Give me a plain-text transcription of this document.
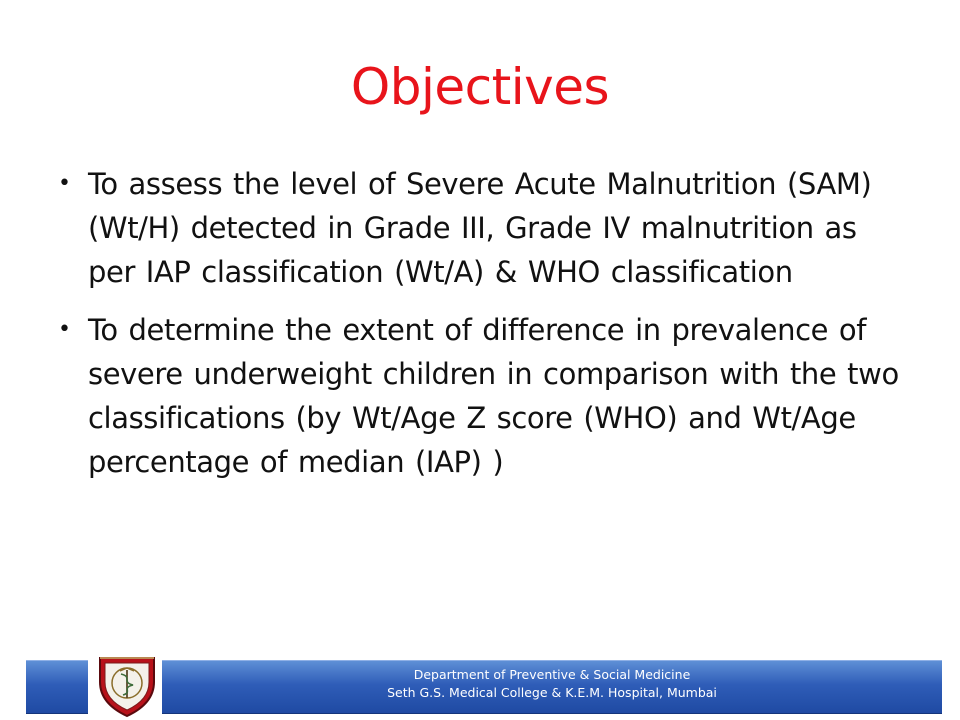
Objectives
• To assess the level of Severe Acute Malnutrition (SAM) (Wt/H) detected in Grade III, Grade IV malnutrition as per IAP classification (Wt/A) & WHO classification
• To determine the extent of difference in prevalence of severe underweight children in comparison with the two classifications (by Wt/Age Z score (WHO) and Wt/Age percentage of median (IAP) )
Department of Preventive & Social Medicine
Seth G.S. Medical College & K.E.M. Hospital, Mumbai
